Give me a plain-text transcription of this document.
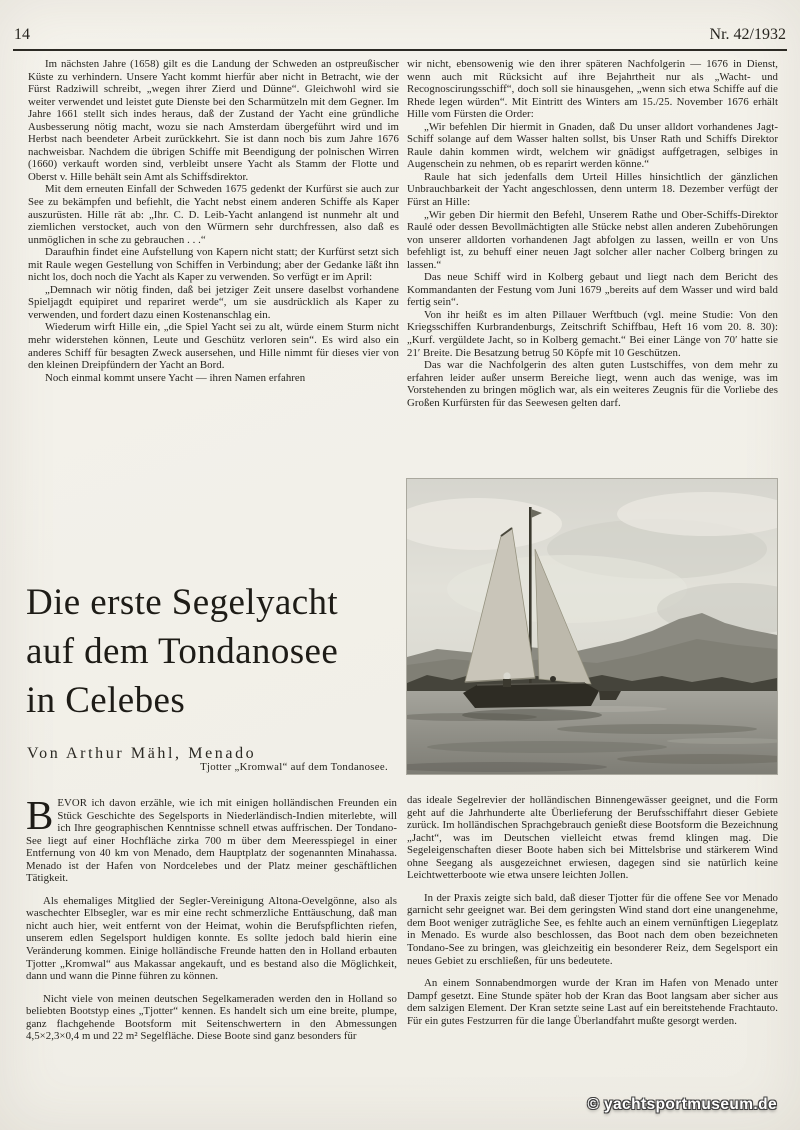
14	Nr. 42/1932

Im nächsten Jahre (1658) gilt es die Landung der Schweden an ostpreußischer Küste zu verhindern. Unsere Yacht kommt hierfür aber nicht in Betracht, wie der Fürst Radziwill schreibt, „wegen ihrer Zierd und Dünne“. Gleichwohl wird sie weiter verwendet und leistet gute Dienste bei den Scharmützeln mit dem Gegner. Im Jahre 1661 stellt sich indes heraus, daß der Zustand der Yacht eine gründliche Ausbesserung nötig macht, wozu sie nach Amsterdam übergeführt wird und im Herbst nach beendeter Arbeit zurückkehrt. Sie ist dann noch bis zum Jahre 1676 nachweisbar. Nachdem die übrigen Schiffe mit Beendigung der polnischen Wirren (1660) verkauft worden sind, verbleibt unsere Yacht als Stamm der Flotte und Oberst v. Hille behält sein Amt als Schiffsdirektor.

Mit dem erneuten Einfall der Schweden 1675 gedenkt der Kurfürst sie auch zur See zu bekämpfen und befiehlt, die Yacht nebst einem anderen Schiffe als Kaper auszurüsten. Hille rät ab: „Ihr. C. D. Leib-Yacht anlangend ist nunmehr alt und ziemlichen verstocket, auch von den Würmern sehr durchfressen, also daß es unmöglichen in sche zu gebrauchen . . .“

Daraufhin findet eine Aufstellung von Kapern nicht statt; der Kurfürst setzt sich mit Raule wegen Gestellung von Schiffen in Verbindung; aber der Gedanke läßt ihn nicht los, doch noch die Yacht als Kaper zu verwenden. So verfügt er im April:

„Demnach wir nötig finden, daß bei jetziger Zeit unsere daselbst vorhandene Spieljagdt equipiret und repariret werde“, um sie ausdrücklich als Kaper zu verwenden, und fordert dazu einen Kostenanschlag ein.

Wiederum wirft Hille ein, „die Spiel Yacht sei zu alt, würde einem Sturm nicht mehr widerstehen können, Leute und Geschütz verloren sein“. Es wird also ein anderes Schiff für besagten Zweck ausersehen, und Hille nimmt für dieses vier von den kleinen Dreipfündern der Yacht an Bord.

Noch einmal kommt unsere Yacht — ihren Namen erfahren

wir nicht, ebensowenig wie den ihrer späteren Nachfolgerin — 1676 in Dienst, wenn auch mit Rücksicht auf ihre Bejahrtheit nur als „Wacht- und Recognoscirungsschiff“, doch soll sie hinausgehen, „wenn sich etwa Schiffe auf die Rhede legen würden“. Mit Eintritt des Winters am 15./25. November 1676 erhält Hille vom Fürsten die Order:

„Wir befehlen Dir hiermit in Gnaden, daß Du unser alldort vorhandenes Jagt-Schiff solange auf dem Wasser halten sollst, bis Unser Rath und Schiffs Direktor Raule dahin kommen wirdt, welchem wir gnädigst auffgetragen, selbiges in Augenschein zu nehmen, ob es reparirt werden könne.“

Raule hat sich jedenfalls dem Urteil Hilles hinsichtlich der gänzlichen Unbrauchbarkeit der Yacht angeschlossen, denn unterm 18. Dezember verfügt der Fürst an Hille:

„Wir geben Dir hiermit den Befehl, Unserem Rathe und Ober-Schiffs-Direktor Raulé oder dessen Bevollmächtigten alle Stücke nebst allen anderen Zubehörungen von unserer alldorten vorhandenen Jagt abfolgen zu lassen, weilln er von Uns befehligt ist, zu behuff einer neuen Jagt solcher aller nacher Colberg bringen zu lassen.“

Das neue Schiff wird in Kolberg gebaut und liegt nach dem Bericht des Kommandanten der Festung vom Juni 1679 „bereits auf dem Wasser und wird bald fertig sein“.

Von ihr heißt es im alten Pillauer Werftbuch (vgl. meine Studie: Von den Kriegsschiffen Kurbrandenburgs, Zeitschrift Schiffbau, Heft 16 vom 20. 8. 30): „Kurf. vergüldete Jacht, so in Kolberg gemacht.“ Bei einer Länge von 70′ hatte sie 21′ Breite. Die Besatzung betrug 50 Köpfe mit 10 Geschützen.

Das war die Nachfolgerin des alten guten Lustschiffes, von dem mehr zu erfahren leider außer unserm Bereiche liegt, wenn auch das wenige, was im Vorstehenden zu bringen möglich war, als ein weiteres Zeugnis für die Vorliebe des Großen Kurfürsten für das Seewesen gelten darf.

Die erste Segelyacht
auf dem Tondanosee
in Celebes
Von Arthur Mähl, Menado
Tjotter „Kromwal“ auf dem Tondanosee.

BEVOR ich davon erzähle, wie ich mit einigen holländischen Freunden ein Stück Geschichte des Segelsports in Niederländisch-Indien miterlebte, will ich Ihre geographischen Kenntnisse schnell etwas auffrischen. Der Tondano-See liegt auf einer Hochfläche zirka 700 m über dem Meeresspiegel in einer Entfernung von 40 km von Menado, dem Hauptplatz der sogenannten Minahassa. Menado ist der Hafen von Nordcelebes und der Platz meiner geschäftlichen Tätigkeit.

Als ehemaliges Mitglied der Segler-Vereinigung Altona-Oevelgönne, also als waschechter Elbsegler, war es mir eine recht schmerzliche Enttäuschung, daß man nicht auch hier, weit entfernt von der Heimat, wohin die Berufspflichten riefen, unserem edlen Segelsport huldigen konnte. Es sollte jedoch bald hierin eine Veränderung kommen. Einige holländische Freunde hatten den in Holland erbauten Tjotter „Kromwal“ aus Makassar angekauft, und es bestand also die Möglichkeit, dann und wann die Pinne führen zu können.

Nicht viele von meinen deutschen Segelkameraden werden den in Holland so beliebten Bootstyp eines „Tjotter“ kennen. Es handelt sich um eine breite, plumpe, ganz flachgehende Bootsform mit Seitenschwertern in den Abmessungen 4,5×2,3×0,4 m und 22 m² Segelfläche. Diese Boote sind ganz besonders für

das ideale Segelrevier der holländischen Binnengewässer geeignet, und die Form geht auf die Jahrhunderte alte Überlieferung der Berufsschiffahrt dieser Gebiete zurück. Im holländischen Sprachgebrauch genießt diese Bootsform die Bezeichnung „Jacht“, was im Deutschen vielleicht etwas fremd klingen mag. Die Segeleigenschaften dieser Boote haben sich bei Mittelsbrise und stärkerem Wind ohne Seegang als ausgezeichnet erwiesen, dagegen sind sie natürlich keine Leichtwetterboote wie etwa unsere leichten Jollen.

In der Praxis zeigte sich bald, daß dieser Tjotter für die offene See vor Menado garnicht sehr geeignet war. Bei dem geringsten Wind stand dort eine unangenehme, dem Boot weniger zuträgliche See, es fehlte auch an einem vernünftigen Liegeplatz in Menado. Es wurde also beschlossen, das Boot nach dem oben bezeichneten Tondano-See zu bringen, was gleichzeitig ein besonderer Reiz, dem Segelsport ein neues Gebiet zu erschließen, für uns bedeutete.

An einem Sonnabendmorgen wurde der Kran im Hafen von Menado unter Dampf gesetzt. Eine Stunde später hob der Kran das Boot langsam aber sicher aus dem salzigen Element. Der Kran setzte seine Last auf ein bereitstehende Frachtauto. Für ein gutes Festzurren für die lange Überlandfahrt mußte gesorgt werden.

© yachtsportmuseum.de
